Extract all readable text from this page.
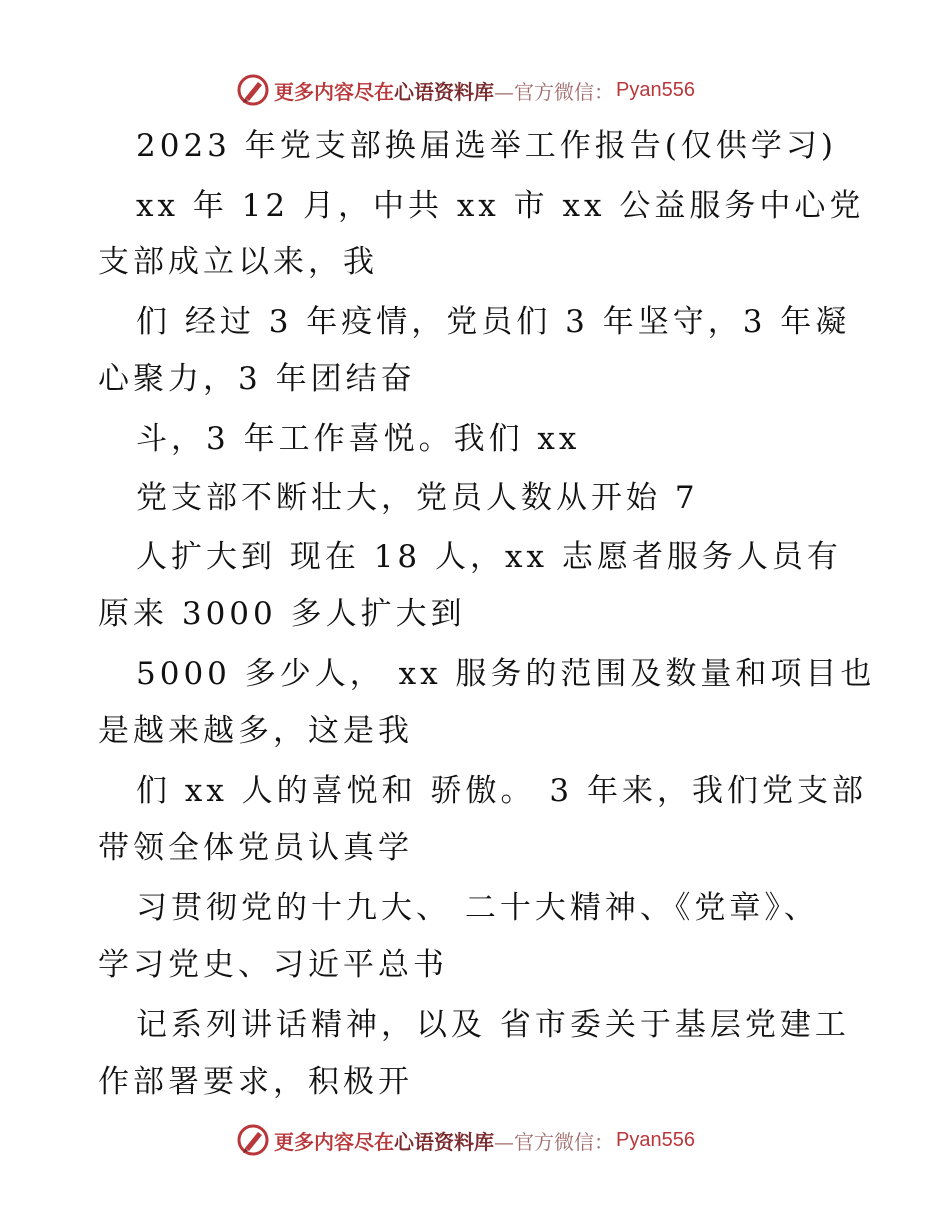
更多内容尽在 心语资料库 —官方微信： Pyan556
2023 年党支部换届选举工作报告(仅供学习)
xx 年 12 月，中共 xx 市 xx 公益服务中心党
支部成立以来，我
们 经过 3 年疫情，党员们 3 年坚守，3 年凝
心聚力，3 年团结奋
斗，3 年工作喜悦。我们 xx
党支部不断壮大，党员人数从开始 7
人扩大到 现在 18 人，xx 志愿者服务人员有
原来 3000 多人扩大到
5000 多少人， xx 服务的范围及数量和项目也
是越来越多，这是我
们 xx 人的喜悦和 骄傲。 3 年来，我们党支部
带领全体党员认真学
习贯彻党的十九大、 二十大精神、《党章》、
学习党史、习近平总书
记系列讲话精神，以及 省市委关于基层党建工
作部署要求，积极开
更多内容尽在 心语资料库 —官方微信： Pyan556
